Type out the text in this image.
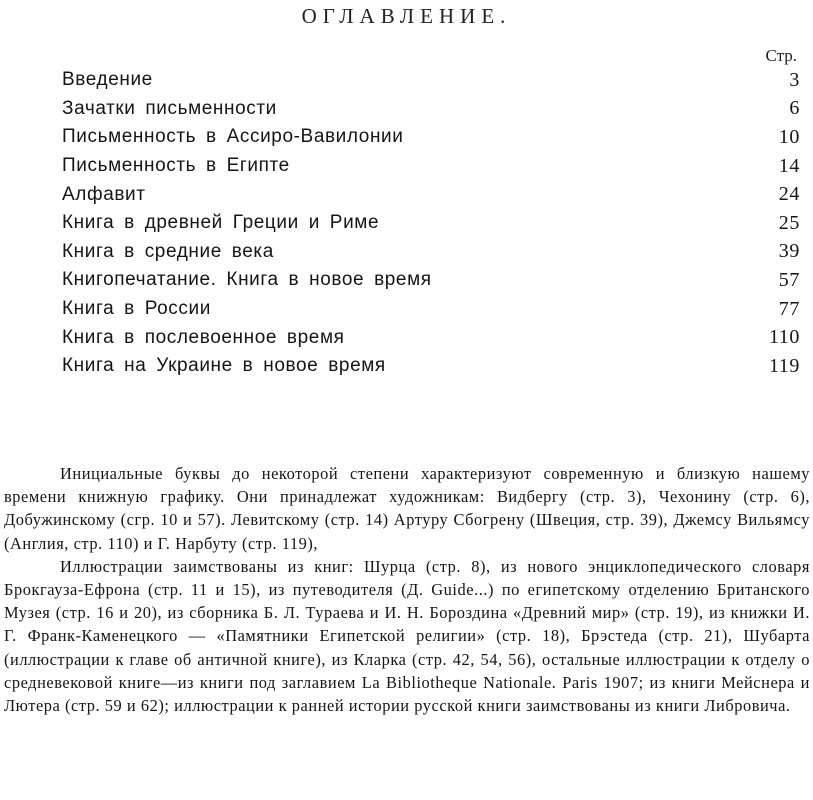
ОГЛАВЛЕНИЕ.
Стр.
Введение	3
Зачатки письменности	6
Письменность в Ассиро-Вавилонии	10
Письменность в Египте	14
Алфавит	24
Книга в древней Греции и Риме	25
Книга в средние века	39
Книгопечатание. Книга в новое время	57
Книга в России	77
Книга в послевоенное время	110
Книга на Украине в новое время	119

Инициальные буквы до некоторой степени характеризуют современную и близкую нашему времени книжную графику. Они принадлежат художникам: Видбергу (стр. 3), Чехонину (стр. 6), Добужинскому (сгр. 10 и 57). Левитскому (стр. 14) Артуру Сбогрену (Швеция, стр. 39), Джемсу Вильямсу (Англия, стр. 110) и Г. Нарбуту (стр. 119),

Иллюстрации заимствованы из книг: Шурца (стр. 8), из нового энциклопедического словаря Брокгауза-Ефрона (стр. 11 и 15), из путеводителя (Д. Guide...) по египетскому отделению Британского Музея (стр. 16 и 20), из сборника Б. Л. Тураева и И. Н. Бороздина «Древний мир» (стр. 19), из книжки И. Г. Франк-Каменецкого — «Памятники Египетской религии» (стр. 18), Брэстеда (стр. 21), Шубарта (иллюстрации к главе об античной книге), из Кларка (стр. 42, 54, 56), остальные иллюстрации к отделу о средневековой книге—из книги под заглавием La Bibliotheque Nationale. Paris 1907; из книги Мейснера и Лютера (стр. 59 и 62); иллюстрации к ранней истории русской книги заимствованы из книги Либровича.
